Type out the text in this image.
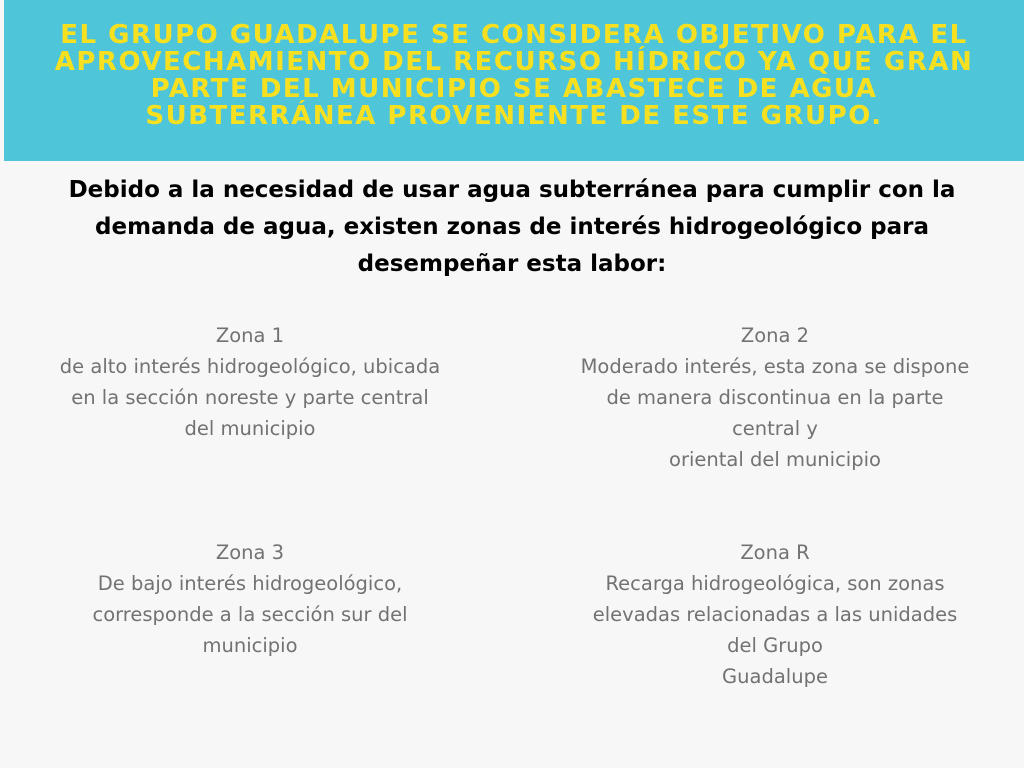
EL GRUPO GUADALUPE SE CONSIDERA OBJETIVO PARA EL APROVECHAMIENTO DEL RECURSO HÍDRICO YA QUE GRAN PARTE DEL MUNICIPIO SE ABASTECE DE AGUA SUBTERRÁNEA PROVENIENTE DE ESTE GRUPO.

Debido a la necesidad de usar agua subterránea para cumplir con la demanda de agua, existen zonas de interés hidrogeológico para desempeñar esta labor:

Zona 1
de alto interés hidrogeológico, ubicada
en la sección noreste y parte central
del municipio
Zona 2
Moderado interés, esta zona se dispone
de manera discontinua en la parte
central y
oriental del municipio
Zona 3
De bajo interés hidrogeológico,
corresponde a la sección sur del
municipio
Zona R
Recarga hidrogeológica, son zonas
elevadas relacionadas a las unidades
del Grupo
Guadalupe
